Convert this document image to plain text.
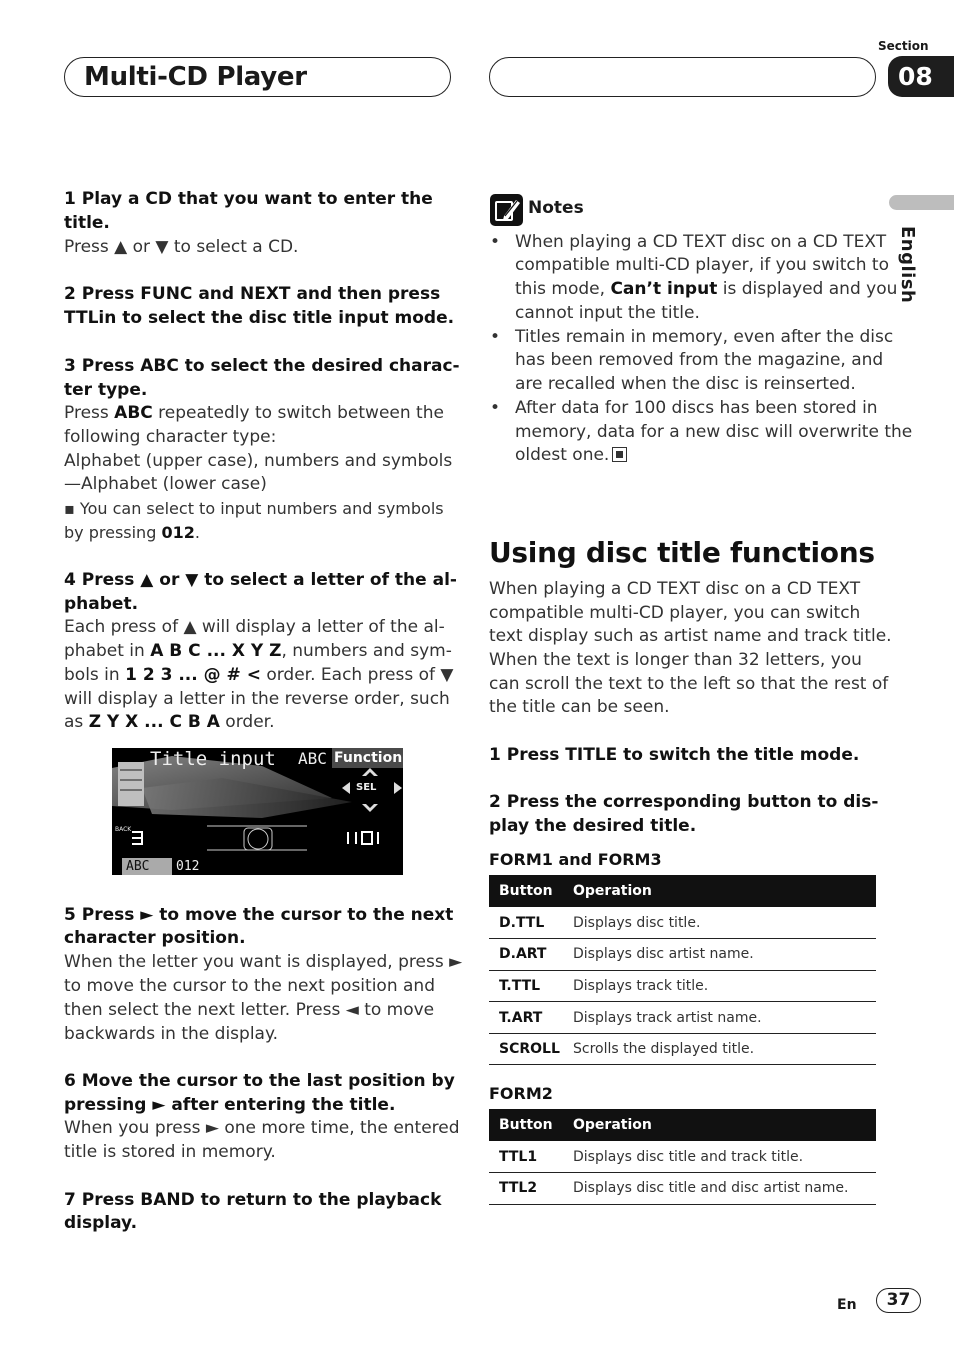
Multi-CD Player
Section
08
English
1 Play a CD that you want to enter the
title.
Press ▲ or ▼ to select a CD.
2 Press FUNC and NEXT and then press
TTLin to select the disc title input mode.
3 Press ABC to select the desired charac-
ter type.
Press ABC repeatedly to switch between the
following character type:
Alphabet (upper case), numbers and symbols
—Alphabet (lower case)
▪ You can select to input numbers and symbols
by pressing 012.
4 Press ▲ or ▼ to select a letter of the al-
phabet.
Each press of ▲ will display a letter of the al-
phabet in A B C ... X Y Z, numbers and sym-
bols in 1 2 3 ... @ # < order. Each press of ▼
will display a letter in the reverse order, such
as Z Y X ... C B A order.
Title input ABC Function
SEL
BACK
ABC 012
5 Press ► to move the cursor to the next
character position.
When the letter you want is displayed, press ►
to move the cursor to the next position and
then select the next letter. Press ◄ to move
backwards in the display.
6 Move the cursor to the last position by
pressing ► after entering the title.
When you press ► one more time, the entered
title is stored in memory.
7 Press BAND to return to the playback
display.
Notes
• When playing a CD TEXT disc on a CD TEXT
compatible multi-CD player, if you switch to
this mode, Can’t input is displayed and you
cannot input the title.
• Titles remain in memory, even after the disc
has been removed from the magazine, and
are recalled when the disc is reinserted.
• After data for 100 discs has been stored in
memory, data for a new disc will overwrite the
oldest one.
Using disc title functions
When playing a CD TEXT disc on a CD TEXT
compatible multi-CD player, you can switch
text display such as artist name and track title.
When the text is longer than 32 letters, you
can scroll the text to the left so that the rest of
the title can be seen.
1 Press TITLE to switch the title mode.
2 Press the corresponding button to dis-
play the desired title.
FORM1 and FORM3
Button	Operation
D.TTL	Displays disc title.
D.ART	Displays disc artist name.
T.TTL	Displays track title.
T.ART	Displays track artist name.
SCROLL	Scrolls the displayed title.
FORM2
Button	Operation
TTL1	Displays disc title and track title.
TTL2	Displays disc title and disc artist name.
En	37
